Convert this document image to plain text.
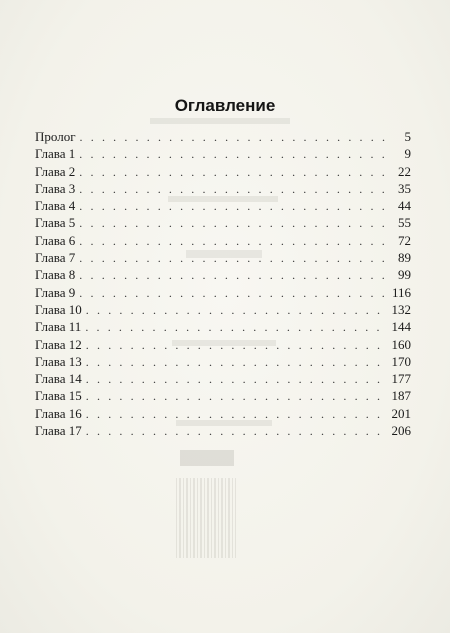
Оглавление
Пролог . . .	5
Глава 1 . . .	9
Глава 2 . . .	22
Глава 3 . . .	35
Глава 4 . . .	44
Глава 5 . . .	55
Глава 6 . . .	72
Глава 7 . . .	89
Глава 8 . . .	99
Глава 9 . . .	116
Глава 10 . . .	132
Глава 11 . . .	144
Глава 12 . . .	160
Глава 13 . . .	170
Глава 14 . . .	177
Глава 15 . . .	187
Глава 16 . . .	201
Глава 17 . . .	206
